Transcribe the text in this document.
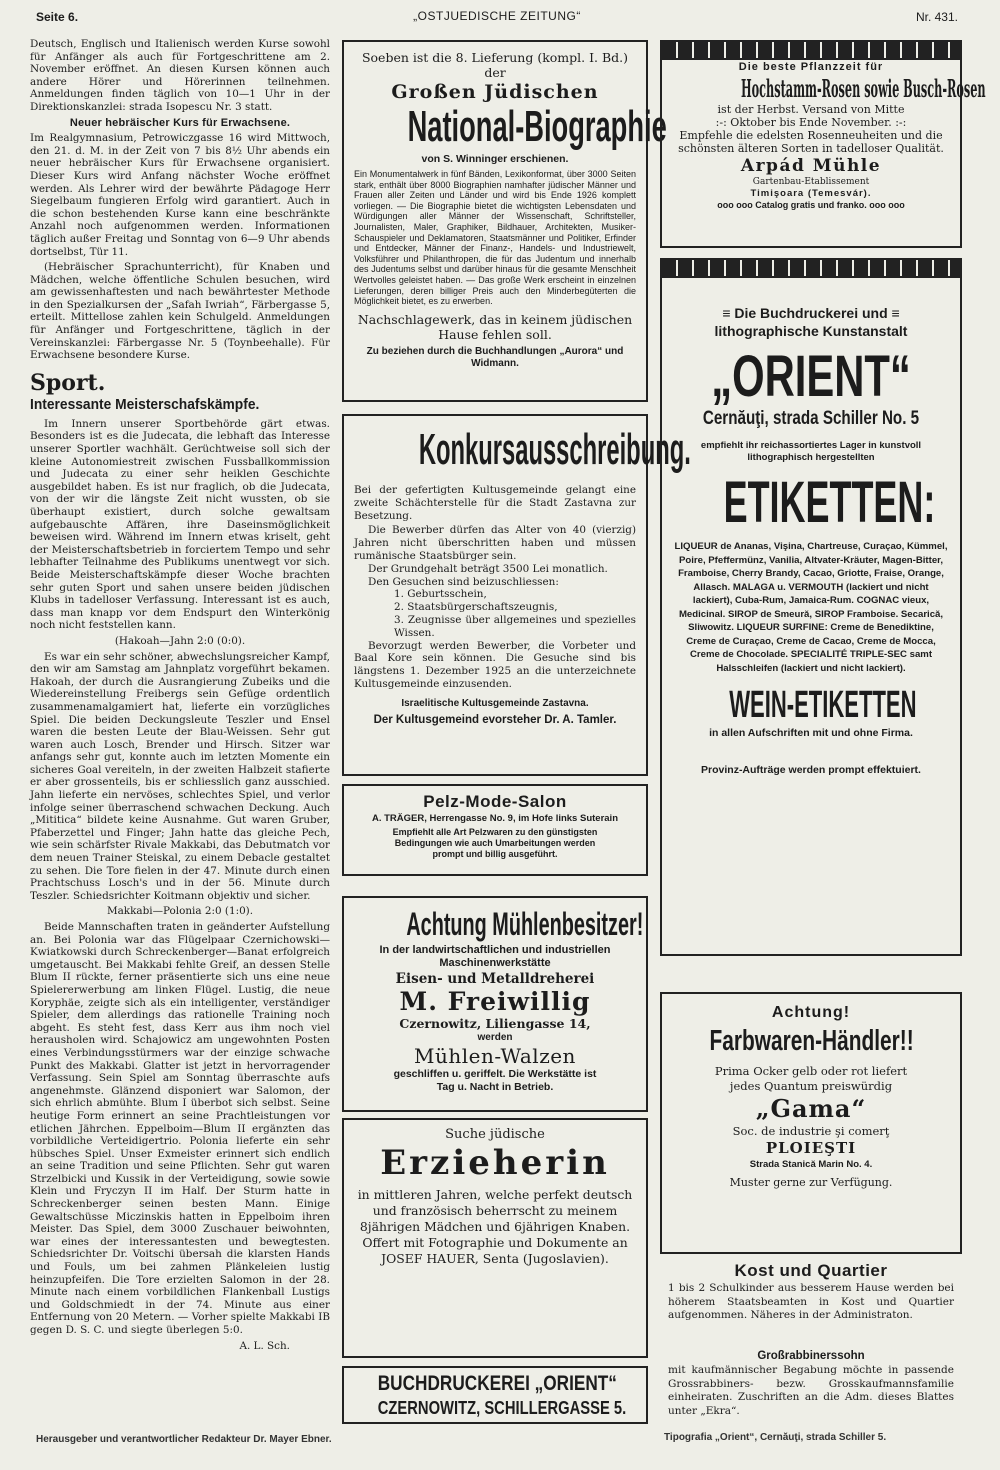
Seite 6.	„OSTJUEDISCHE ZEITUNG“	Nr. 431.

Deutsch, Englisch und Italienisch werden Kurse sowohl für Anfänger als auch für Fortgeschrittene am 2. November eröffnet. An diesen Kursen können auch andere Hörer und Hörerinnen teilnehmen. Anmeldungen finden täglich von 10—1 Uhr in der Direktionskanzlei: strada Isopescu Nr. 3 statt.

Neuer hebräischer Kurs für Erwachsene.

Im Realgymnasium, Petrowiczgasse 16 wird Mittwoch, den 21. d. M. in der Zeit von 7 bis 8½ Uhr abends ein neuer hebräischer Kurs für Erwachsene organisiert. Dieser Kurs wird Anfang nächster Woche eröffnet werden. Als Lehrer wird der bewährte Pädagoge Herr Siegelbaum fungieren Erfolg wird garantiert. Auch in die schon bestehenden Kurse kann eine beschränkte Anzahl noch aufgenommen werden. Informationen täglich außer Freitag und Sonntag von 6—9 Uhr abends dortselbst, Tür 11.

(Hebräischer Sprachunterricht), für Knaben und Mädchen, welche öffentliche Schulen besuchen, wird am gewissenhaftesten und nach bewährtester Methode in den Spezialkursen der „Safah Iwriah“, Färbergasse 5, erteilt. Mittellose zahlen kein Schulgeld. Anmeldungen für Anfänger und Fortgeschrittene, täglich in der Vereinskanzlei: Färbergasse Nr. 5 (Toynbeehalle). Für Erwachsene besondere Kurse.

Sport.
Interessante Meisterschafskämpfe.

Im Innern unserer Sportbehörde gärt etwas. Besonders ist es die Judecata, die lebhaft das Interesse unserer Sportler wachhält. Gerüchtweise soll sich der kleine Autonomiestreit zwischen Fussballkommission und Judecata zu einer sehr heiklen Geschichte ausgebildet haben. Es ist nur fraglich, ob die Judecata, von der wir die längste Zeit nicht wussten, ob sie überhaupt existiert, durch solche gewaltsam aufgebauschte Affären, ihre Daseinsmöglichkeit beweisen wird. Während im Innern etwas kriselt, geht der Meisterschaftsbetrieb in forciertem Tempo und sehr lebhafter Teilnahme des Publikums unentwegt vor sich. Beide Meisterschaftskämpfe dieser Woche brachten sehr guten Sport und sahen unsere beiden jüdischen Klubs in tadelloser Verfassung. Interessant ist es auch, dass man knapp vor dem Endspurt den Winterkönig noch nicht feststellen kann.

(Hakoah—Jahn 2:0 (0:0).

Es war ein sehr schöner, abwechslungsreicher Kampf, den wir am Samstag am Jahnplatz vorgeführt bekamen. Hakoah, der durch die Ausrangierung Zubeiks und die Wiedereinstellung Freibergs sein Gefüge ordentlich zusammenamalgamiert hat, lieferte ein vorzügliches Spiel. Die beiden Deckungsleute Teszler und Ensel waren die besten Leute der Blau-Weissen. Sehr gut waren auch Losch, Brender und Hirsch. Sitzer war anfangs sehr gut, konnte auch im letzten Momente ein sicheres Goal vereiteln, in der zweiten Halbzeit stafierte er aber grossenteils, bis er schliesslich ganz ausschied. Jahn lieferte ein nervöses, schlechtes Spiel, und verlor infolge seiner überraschend schwachen Deckung. Auch „Mititica“ bildete keine Ausnahme. Gut waren Gruber, Pfaberzettel und Finger; Jahn hatte das gleiche Pech, wie sein schärfster Rivale Makkabi, das Debutmatch vor dem neuen Trainer Steiskal, zu einem Debacle gestaltet zu sehen. Die Tore fielen in der 47. Minute durch einen Prachtschuss Losch's und in der 56. Minute durch Teszler. Schiedsrichter Koitmann objektiv und sicher.

Makkabi—Polonia 2:0 (1:0).

Beide Mannschaften traten in geänderter Aufstellung an. Bei Polonia war das Flügelpaar Czernichowski—Kwiatkowski durch Schreckenberger—Banat erfolgreich umgetauscht. Bei Makkabi fehlte Greif, an dessen Stelle Blum II rückte, ferner präsentierte sich uns eine neue Spielererwerbung am linken Flügel. Lustig, die neue Koryphäe, zeigte sich als ein intelligenter, verständiger Spieler, dem allerdings das rationelle Training noch abgeht. Es steht fest, dass Kerr aus ihm noch viel herausholen wird. Schajowicz am ungewohnten Posten eines Verbindungsstürmers war der einzige schwache Punkt des Makkabi. Glatter ist jetzt in hervorragender Verfassung. Sein Spiel am Sonntag überraschte aufs angenehmste. Glänzend disponiert war Salomon, der sich ehrlich abmühte. Blum I überbot sich selbst. Seine heutige Form erinnert an seine Prachtleistungen vor etlichen Jährchen. Eppelboim—Blum II ergänzten das vorbildliche Verteidigertrio. Polonia lieferte ein sehr hübsches Spiel. Unser Exmeister erinnert sich endlich an seine Tradition und seine Pflichten. Sehr gut waren Strzelbicki und Kussik in der Verteidigung, sowie sowie Klein und Fryczyn II im Half. Der Sturm hatte in Schreckenberger seinen besten Mann. Einige Gewaltschüsse Miczinskis hatten in Eppelboim ihren Meister. Das Spiel, dem 3000 Zuschauer beiwohnten, war eines der interessantesten und bewegtesten. Schiedsrichter Dr. Voitschi übersah die klarsten Hands und Fouls, um bei zahmen Plänkeleien lustig heinzupfeifen. Die Tore erzielten Salomon in der 28. Minute nach einem vorbildlichen Flankenball Lustigs und Goldschmiedt in der 74. Minute aus einer Entfernung von 20 Metern. — Vorher spielte Makkabi IB gegen D. S. C. und siegte überlegen 5:0.

A. L. Sch.

Soeben ist die 8. Lieferung (kompl. I. Bd.) der
Großen Jüdischen
National-Biographie
von S. Winninger erschienen.
Ein Monumentalwerk in fünf Bänden, Lexikonformat, über 3000 Seiten stark, enthält über 8000 Biographien namhafter jüdischer Männer und Frauen aller Zeiten und Länder und wird bis Ende 1926 komplett vorliegen. — Die Biographie bietet die wichtigsten Lebensdaten und Würdigungen aller Männer der Wissenschaft, Schriftsteller, Journalisten, Maler, Graphiker, Bildhauer, Architekten, Musiker-Schauspieler und Deklamatoren, Staatsmänner und Politiker, Erfinder und Entdecker, Männer der Finanz-, Handels- und Industriewelt, Volksführer und Philanthropen, die für das Judentum und innerhalb des Judentums selbst und darüber hinaus für die gesamte Menschheit Wertvolles geleistet haben. — Das große Werk erscheint in einzelnen Lieferungen, deren billiger Preis auch den Minderbegüterten die Möglichkeit bietet, es zu erwerben.
Nachschlagewerk, das in keinem jüdischen Hause fehlen soll.
Zu beziehen durch die Buchhandlungen „Aurora“ und Widmann.
Konkursausschreibung.
Bei der gefertigten Kultusgemeinde gelangt eine zweite Schächterstelle für die Stadt Zastavna zur Besetzung.
Die Bewerber dürfen das Alter von 40 (vierzig) Jahren nicht überschritten haben und müssen rumänische Staatsbürger sein.
Der Grundgehalt beträgt 3500 Lei monatlich.
Den Gesuchen sind beizuschliessen:
1. Geburtsschein,
2. Staatsbürgerschaftszeugnis,
3. Zeugnisse über allgemeines und spezielles Wissen.
Bevorzugt werden Bewerber, die Vorbeter und Baal Kore sein können. Die Gesuche sind bis längstens 1. Dezember 1925 an die unterzeichnete Kultusgemeinde einzusenden.
Israelitische Kultusgemeinde Zastavna.
Der Kultusgemeind evorsteher Dr. A. Tamler.
Pelz-Mode-Salon
A. TRÄGER, Herrengasse No. 9, im Hofe links Suterain
Empfiehlt alle Art Pelzwaren zu den günstigsten Bedingungen wie auch Umarbeitungen werden prompt und billig ausgeführt.
Achtung Mühlenbesitzer!
In der landwirtschaftlichen und industriellen Maschinenwerkstätte
Eisen- und Metalldreherei
M. Freiwillig
Czernowitz, Liliengasse 14,
werden
Mühlen-Walzen
geschliffen u. geriffelt. Die Werkstätte ist Tag u. Nacht in Betrieb.
Suche jüdische
Erzieherin
in mittleren Jahren, welche perfekt deutsch und französisch beherrscht zu meinem 8jährigen Mädchen und 6jährigen Knaben. Offert mit Fotographie und Dokumente an JOSEF HAUER, Senta (Jugoslavien).
BUCHDRUCKEREI „ORIENT“
CZERNOWITZ, SCHILLERGASSE 5.
Die beste Pflanzzeit für
Hochstamm-Rosen sowie Busch-Rosen
ist der Herbst. Versand von Mitte
:-: Oktober bis Ende November. :-:
Empfehle die edelsten Rosenneuheiten und die schönsten älteren Sorten in tadelloser Qualität.
Arpád Mühle
Gartenbau-Etablissement
Timişoara (Temesvár).
ooo ooo Catalog gratis und franko. ooo ooo
≡ Die Buchdruckerei und ≡
lithographische Kunstanstalt
„ORIENT“
Cernăuţi, strada Schiller No. 5
empfiehlt ihr reichassortiertes Lager in kunstvoll lithographisch hergestellten
ETIKETTEN:
LIQUEUR de Ananas, Vişina, Chartreuse, Curaçao, Kümmel, Poire, Pfeffermünz, Vanilia, Altvater-Kräuter, Magen-Bitter, Framboise, Cherry Brandy, Cacao, Griotte, Fraise, Orange, Allasch. MALAGA u. VERMOUTH (lackiert und nicht lackiert), Cuba-Rum, Jamaica-Rum. COGNAC vieux, Medicinal. SIROP de Smeură, SIROP Framboise. Secarică, Sliwowitz. LIQUEUR SURFINE: Creme de Benediktine, Creme de Curaçao, Creme de Cacao, Creme de Mocca, Creme de Chocolade. SPECIALITÉ TRIPLE-SEC samt Halsschleifen (lackiert und nicht lackiert).
WEIN-ETIKETTEN
in allen Aufschriften mit und ohne Firma.
Provinz-Aufträge werden prompt effektuiert.
Achtung!
Farbwaren-Händler!!
Prima Ocker gelb oder rot liefert jedes Quantum preiswürdig
„Gama“
Soc. de industrie şi comerţ
PLOIEŞTI
Strada Stanică Marin No. 4.
Muster gerne zur Verfügung.
Kost und Quartier
1 bis 2 Schulkinder aus besserem Hause werden bei höherem Staatsbeamten in Kost und Quartier aufgenommen. Näheres in der Administraton.
Großrabbinerssohn
mit kaufmännischer Begabung möchte in passende Grossrabbiners- bezw. Grosskaufmannsfamilie einheiraten. Zuschriften an die Adm. dieses Blattes unter „Ekra“.
Herausgeber und verantwortlicher Redakteur Dr. Mayer Ebner.	Tipografia „Orient“, Cernăuţi, strada Schiller 5.
